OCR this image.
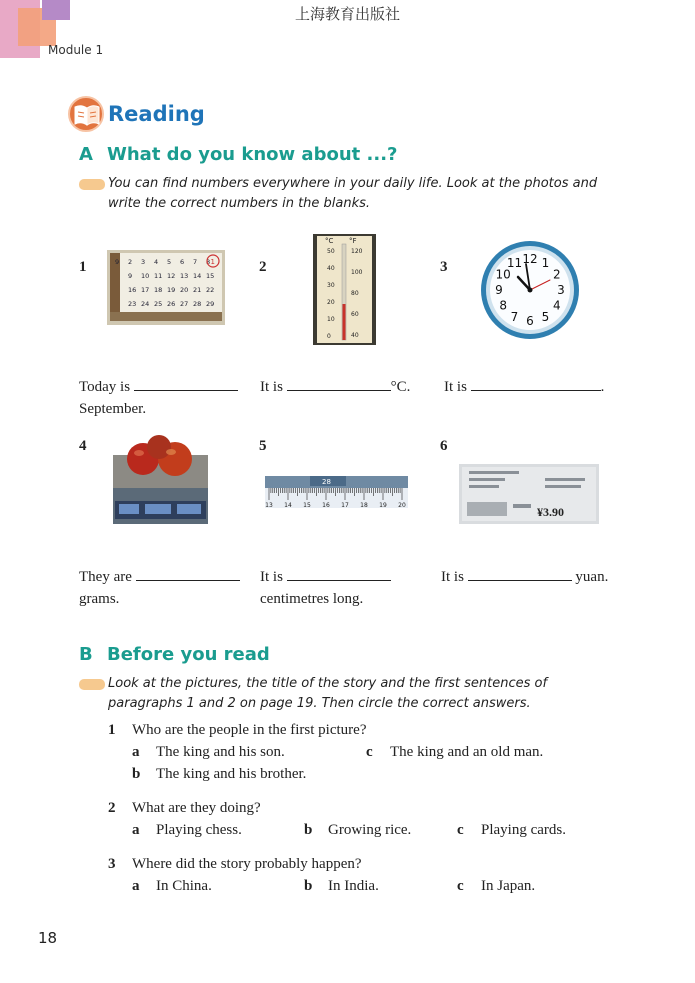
上海教育出版社
Module 1
Reading
A What do you know about ...?
You can find numbers everywhere in your daily life. Look at the photos and write the correct numbers in the blanks.
1	2	3
9 2 3 4 5 6 7 8
9 10 11 12 13 14 15
16 17 18 19 20 21 22
23 24 25 26 27 28 29
1
°C °F
50
40
30
20
10
0
120
100
80
60
40
12 1
2
3
4
5
6
7
8
9
10
11
Today is
September.
It is	°C. It is	.
4	5	6
28
13 14 15 16 17 18 19 20	¥3.90
They are
grams.
It is
centimetres long.
It is	yuan.
B Before you read
Look at the pictures, the title of the story and the first sentences of paragraphs 1 and 2 on page 19. Then circle the correct answers.
1 Who are the people in the first picture?
a The king and his son.	c The king and an old man.
b The king and his brother.
2 What are they doing?
a Playing chess.	b Growing rice.	c Playing cards.
3 Where did the story probably happen?
a In China.	b In India.	c In Japan.
18
